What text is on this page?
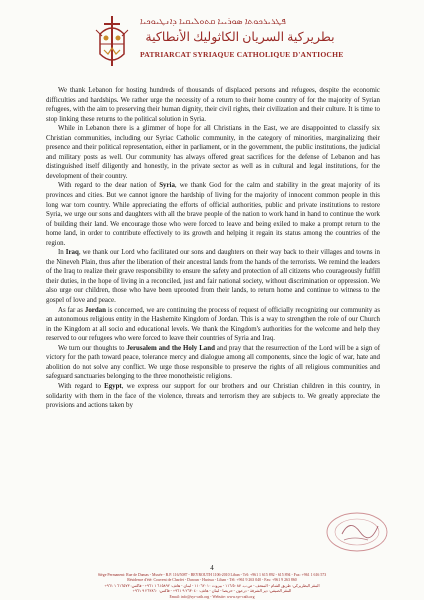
ܦܛܪܝܪܟܘܬܐ ܣܘܪܝܝܐ ܩܬܘܠܝܩܝܐ ܕܐܢܛܝܘܟܝܐ
بطريركية السريان الكاثوليك الأنطاكية
PATRIARCAT SYRIAQUE CATHOLIQUE D'ANTIOCHE

We thank Lebanon for hosting hundreds of thousands of displaced persons and refugees, despite the economic difficulties and hardships. We rather urge the necessity of a return to their home country of for the majority of Syrian refugees, with the aim to preserving their human dignity, their civil rights, their civilization and their culture. It is time to stop linking these returns to the political solution in Syria.

While in Lebanon there is a glimmer of hope for all Christians in the East, we are disappointed to classify six Christian communities, including our Syriac Catholic community, in the category of minorities, marginalizing their presence and their political representation, either in parliament, or in the government, the public institutions, the judicial and military posts as well. Our community has always offered great sacrifices for the defense of Lebanon and has distinguished itself diligently and honestly, in the private sector as well as in cultural and legal institutions, for the development of their country.

With regard to the dear nation of Syria, we thank God for the calm and stability in the great majority of its provinces and cities. But we cannot ignore the hardship of living for the majority of innocent common people in this long war torn country. While appreciating the efforts of official authorities, public and private institutions to restore Syria, we urge our sons and daughters with all the brave people of the nation to work hand in hand to continue the work of building their land. We encourage those who were forced to leave and being exiled to make a prompt return to the home land, in order to contribute effectively to its growth and helping it regain its status among the countries of the region.

In Iraq, we thank our Lord who facilitated our sons and daughters on their way back to their villages and towns in the Nineveh Plain, thus after the liberation of their ancestral lands from the hands of the terrorists. We remind the leaders of the Iraq to realize their grave responsibility to ensure the safety and protection of all citizens who courageously fulfill their duties, in the hope of living in a reconciled, just and fair national society, without discrimination or oppression. We also urge our children, those who have been uprooted from their lands, to return home and continue to witness to the gospel of love and peace.

As far as Jordan is concerned, we are continuing the process of request of officially recognizing our community as an autonomous religious entity in the Hashemite Kingdom of Jordan. This is a way to strengthen the role of our Church in the Kingdom at all socio and educational levels. We thank the Kingdom's authorities for the welcome and help they reserved to our refugees who were forced to leave their countries of Syria and Iraq.

We turn our thoughts to Jerusalem and the Holy Land and pray that the resurrection of the Lord will be a sign of victory for the path toward peace, tolerance mercy and dialogue among all components, since the logic of war, hate and abolition do not solve any conflict. We urge those responsible to preserve the rights of all religious communities and safeguard sanctuaries belonging to the three monotheistic religions.

With regard to Egypt, we express our support for our brothers and our Christian children in this country, in solidarity with them in the face of the violence, threats and terrorism they are subjects to. We greatly appreciate the provisions and actions taken by

4
Siège Permanent: Rue de Damas - Musée - B.P. 116/5087 - BEYROUTH 1106-2010 Liban - Tél: +961 1 615 892 - 615 894 - Fax: +961 1 616 573
Résidence d'été: Couvent de Charfet - Daroun - Harissa - Liban - Tél: +961 9 263 040 - Fax: +961 9 263 860
المقر البطريركي: طريق الشام - المتحف - ص.ب. ١١٦/٥٠٨٧ - بيروت ١١٠٦٢٠١٠ - لبنان - هاتف: ٦١٥٨٩٢ ١ ٩٦١+ - فاكس: ٦١٦٥٧٣ ١ ٩٦١+
المقر الصيفي: دير الشرفة - درعون - حريصا - لبنان - هاتف: ٢٦٣٠٤٠ ٩ ٩٦١+ - فاكس: ٢٦٣٨٦٠ ٩ ٩٦١+
Email: info@syr-cath.org - Website: www.syr-cath.org
